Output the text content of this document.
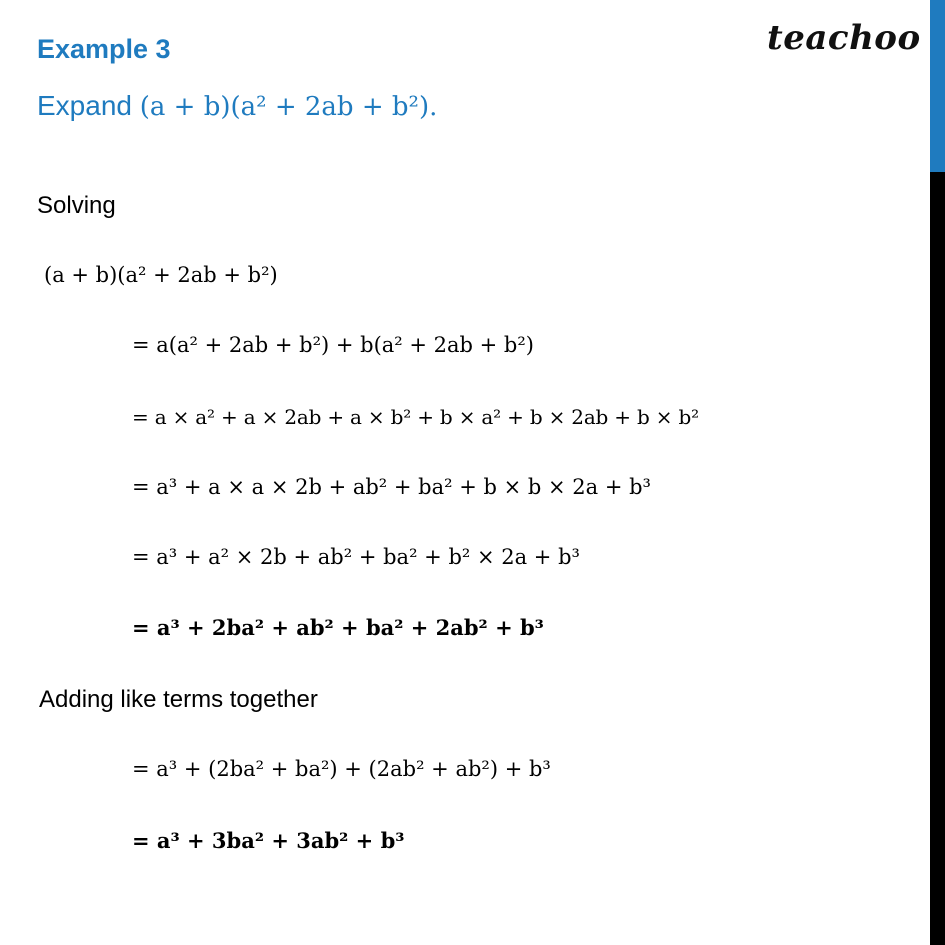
Example 3	teachoo
Expand (a + b)(a² + 2ab + b²).
Solving
(a + b)(a² + 2ab + b²)
= a(a² + 2ab + b²) + b(a² + 2ab + b²)
= a × a² + a × 2ab + a × b² + b × a² + b × 2ab + b × b²
= a³ + a × a × 2b + ab² + ba² + b × b × 2a + b³
= a³ + a² × 2b + ab² + ba² + b² × 2a + b³
= a³ + 2ba² + ab² + ba² + 2ab² + b³
Adding like terms together
= a³ + (2ba² + ba²) + (2ab² + ab²) + b³
= a³ + 3ba² + 3ab² + b³
